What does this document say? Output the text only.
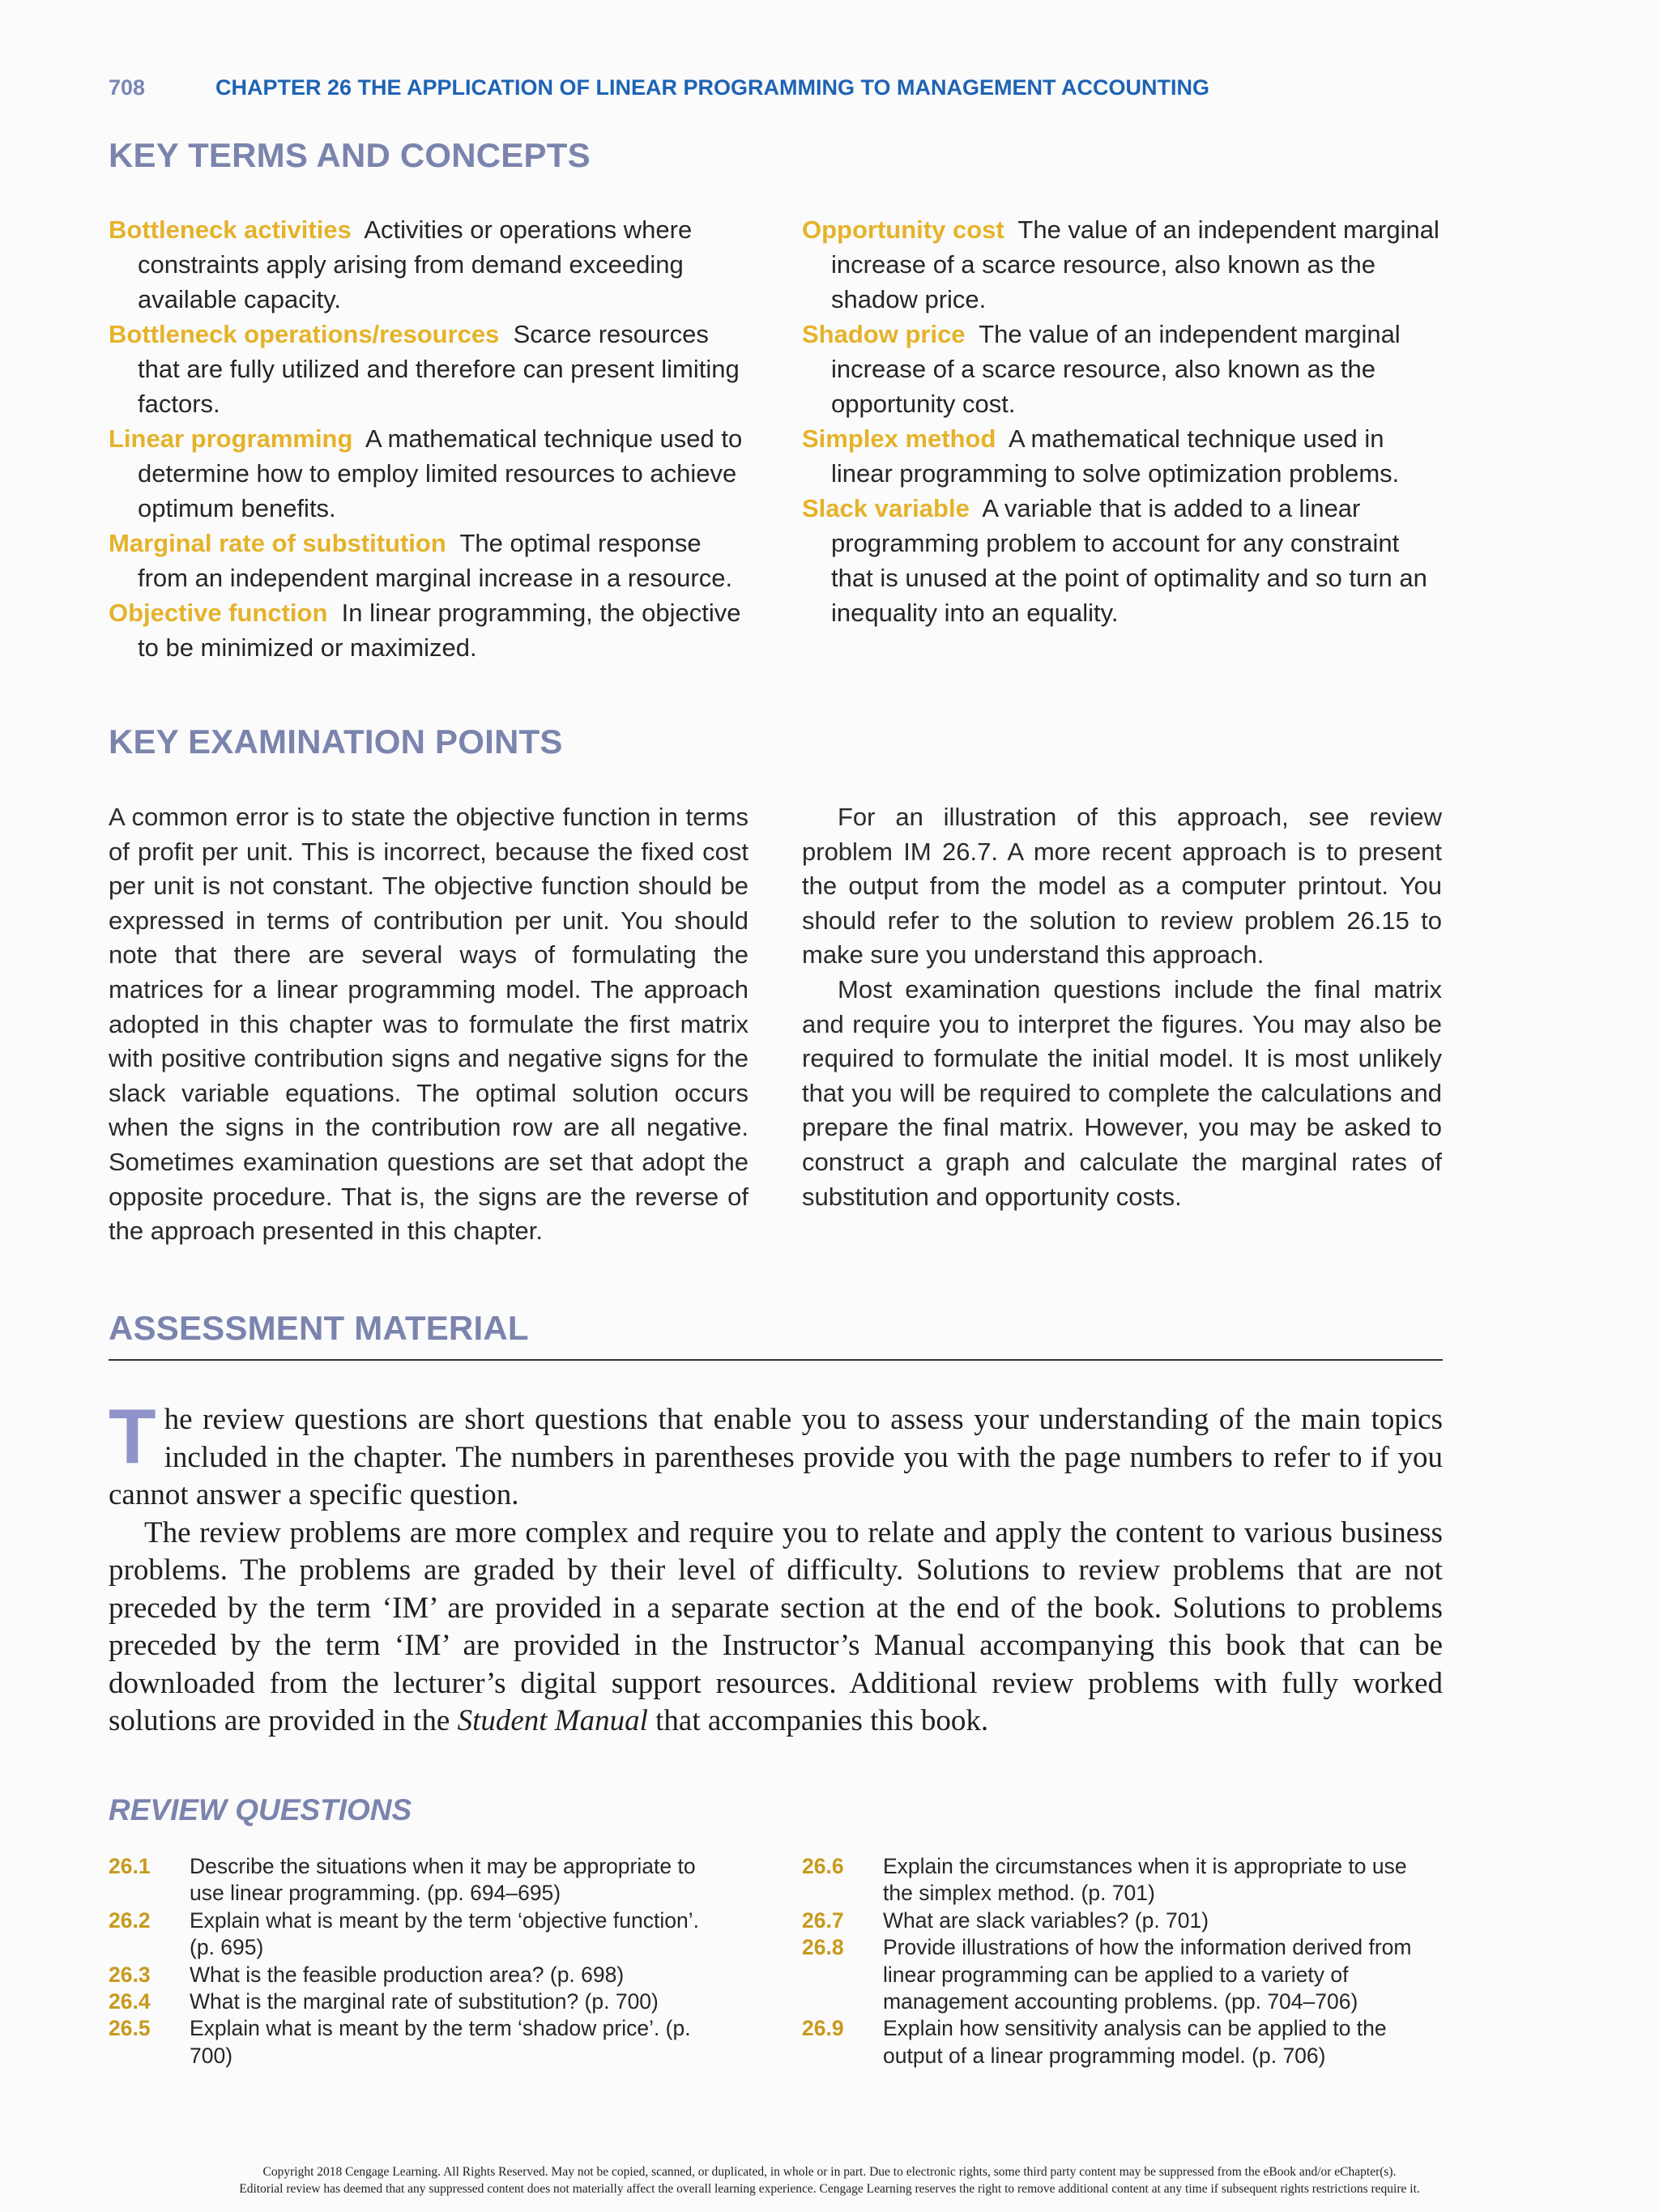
708	CHAPTER 26 THE APPLICATION OF LINEAR PROGRAMMING TO MANAGEMENT ACCOUNTING
KEY TERMS AND CONCEPTS

Bottleneck activities Activities or operations where constraints apply arising from demand exceeding available capacity.

Bottleneck operations/resources Scarce resources that are fully utilized and therefore can present limiting factors.

Linear programming A mathematical technique used to determine how to employ limited resources to achieve optimum benefits.

Marginal rate of substitution The optimal response from an independent marginal increase in a resource.

Objective function In linear programming, the objective to be minimized or maximized.

Opportunity cost The value of an independent marginal increase of a scarce resource, also known as the shadow price.

Shadow price The value of an independent marginal increase of a scarce resource, also known as the opportunity cost.

Simplex method A mathematical technique used in linear programming to solve optimization problems.

Slack variable A variable that is added to a linear programming problem to account for any constraint that is unused at the point of optimality and so turn an inequality into an equality.

KEY EXAMINATION POINTS

A common error is to state the objective function in terms of profit per unit. This is incorrect, because the fixed cost per unit is not constant. The objective function should be expressed in terms of contribution per unit. You should note that there are several ways of formulating the matrices for a linear programming model. The approach adopted in this chapter was to formulate the first matrix with positive contribution signs and negative signs for the slack variable equations. The optimal solution occurs when the signs in the contribution row are all negative. Sometimes examination questions are set that adopt the opposite procedure. That is, the signs are the reverse of the approach presented in this chapter.

For an illustration of this approach, see review problem IM 26.7. A more recent approach is to present the output from the model as a computer printout. You should refer to the solution to review problem 26.15 to make sure you understand this approach.

Most examination questions include the final matrix and require you to interpret the figures. You may also be required to formulate the initial model. It is most unlikely that you will be required to complete the calculations and prepare the final matrix. However, you may be asked to construct a graph and calculate the marginal rates of substitution and opportunity costs.

ASSESSMENT MATERIAL

The review questions are short questions that enable you to assess your understanding of the main topics included in the chapter. The numbers in parentheses provide you with the page numbers to refer to if you cannot answer a specific question.

The review problems are more complex and require you to relate and apply the content to various business problems. The problems are graded by their level of difficulty. Solutions to review problems that are not preceded by the term ‘IM’ are provided in a separate section at the end of the book. Solutions to problems preceded by the term ‘IM’ are provided in the Instructor’s Manual accompanying this book that can be downloaded from the lecturer’s digital support resources. Additional review problems with fully worked solutions are provided in the Student Manual that accompanies this book.

REVIEW QUESTIONS
26.1	Describe the situations when it may be appropriate to use linear programming. (pp. 694–695)
26.2	Explain what is meant by the term ‘objective function’. (p. 695)
26.3	What is the feasible production area? (p. 698)
26.4	What is the marginal rate of substitution? (p. 700)
26.5	Explain what is meant by the term ‘shadow price’. (p. 700)
26.6	Explain the circumstances when it is appropriate to use the simplex method. (p. 701)
26.7	What are slack variables? (p. 701)
26.8	Provide illustrations of how the information derived from linear programming can be applied to a variety of management accounting problems. (pp. 704–706)
26.9	Explain how sensitivity analysis can be applied to the output of a linear programming model. (p. 706)
Copyright 2018 Cengage Learning. All Rights Reserved. May not be copied, scanned, or duplicated, in whole or in part. Due to electronic rights, some third party content may be suppressed from the eBook and/or eChapter(s).
Editorial review has deemed that any suppressed content does not materially affect the overall learning experience. Cengage Learning reserves the right to remove additional content at any time if subsequent rights restrictions require it.
